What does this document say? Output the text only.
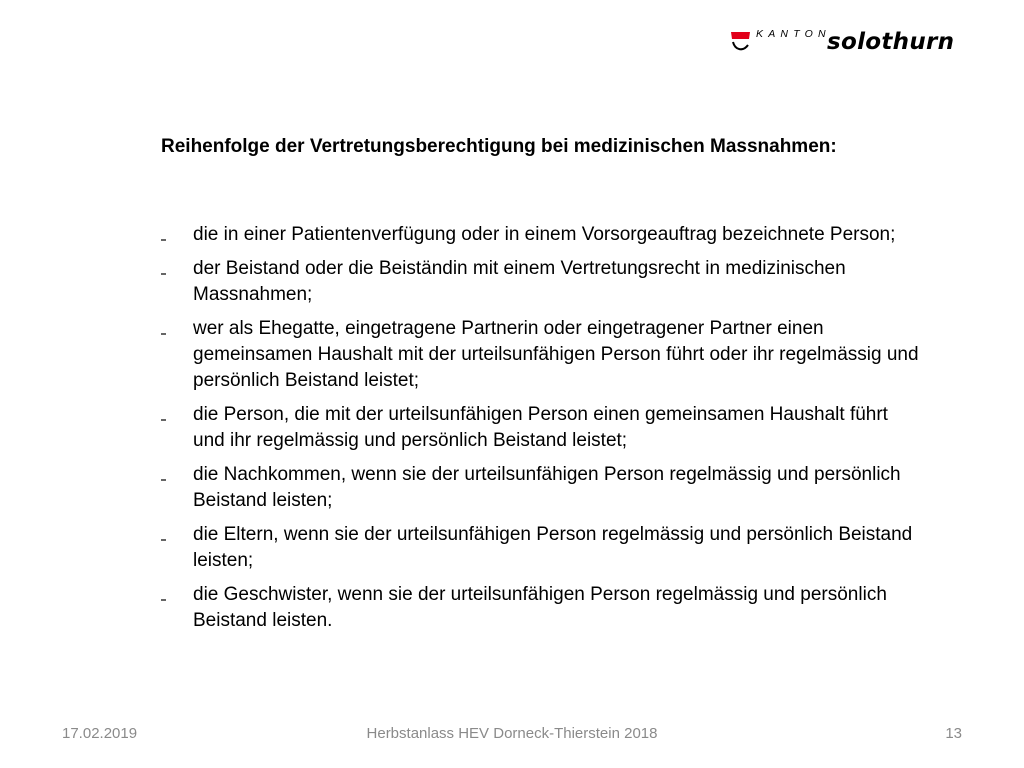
KANTON
solothurn
Reihenfolge der Vertretungsberechtigung bei medizinischen Massnahmen:
die in einer Patientenverfügung oder in einem Vorsorgeauftrag bezeichnete Person;
der Beistand oder die Beiständin mit einem Vertretungsrecht in medizinischen Massnahmen;
wer als Ehegatte, eingetragene Partnerin oder eingetragener Partner einen gemeinsamen Haushalt mit der urteilsunfähigen Person führt oder ihr regelmässig und persönlich Beistand leistet;
die Person, die mit der urteilsunfähigen Person einen gemeinsamen Haushalt führt und ihr regelmässig und persönlich Beistand leistet;
die Nachkommen, wenn sie der urteilsunfähigen Person regelmässig und persönlich Beistand leisten;
die Eltern, wenn sie der urteilsunfähigen Person regelmässig und persönlich Beistand leisten;
die Geschwister, wenn sie der urteilsunfähigen Person regelmässig und persönlich Beistand leisten.
17.02.2019	Herbstanlass HEV Dorneck-Thierstein 2018	13
